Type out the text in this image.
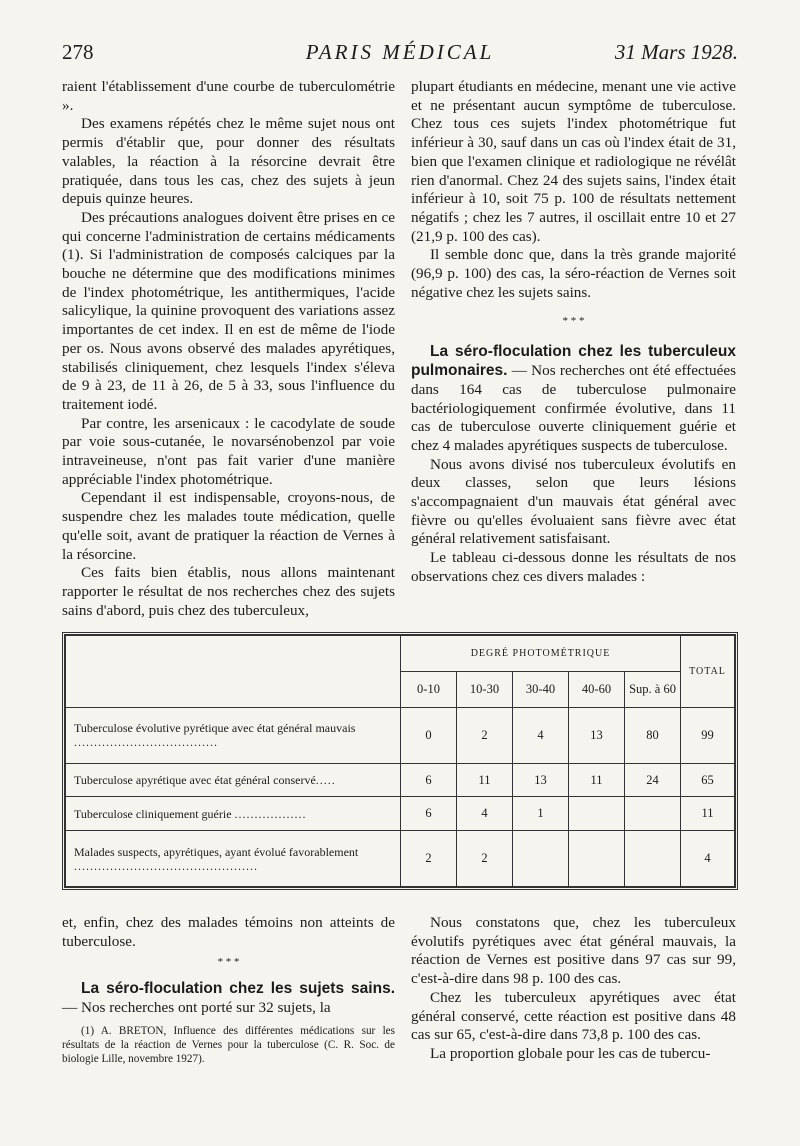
278	PARIS MÉDICAL	31 Mars 1928.

raient l'établissement d'une courbe de tuberculométrie ».

Des examens répétés chez le même sujet nous ont permis d'établir que, pour donner des résultats valables, la réaction à la résorcine devrait être pratiquée, dans tous les cas, chez des sujets à jeun depuis quinze heures.

Des précautions analogues doivent être prises en ce qui concerne l'administration de certains médicaments (1). Si l'administration de composés calciques par la bouche ne détermine que des modifications minimes de l'index photométrique, les antithermiques, l'acide salicylique, la quinine provoquent des variations assez importantes de cet index. Il en est de même de l'iode per os. Nous avons observé des malades apyrétiques, stabilisés cliniquement, chez lesquels l'index s'éleva de 9 à 23, de 11 à 26, de 5 à 33, sous l'influence du traitement iodé.

Par contre, les arsenicaux : le cacodylate de soude par voie sous-cutanée, le novarsénobenzol par voie intraveineuse, n'ont pas fait varier d'une manière appréciable l'index photométrique.

Cependant il est indispensable, croyons-nous, de suspendre chez les malades toute médication, quelle qu'elle soit, avant de pratiquer la réaction de Vernes à la résorcine.

Ces faits bien établis, nous allons maintenant rapporter le résultat de nos recherches chez des sujets sains d'abord, puis chez des tuberculeux,

plupart étudiants en médecine, menant une vie active et ne présentant aucun symptôme de tuberculose. Chez tous ces sujets l'index photométrique fut inférieur à 30, sauf dans un cas où l'index était de 31, bien que l'examen clinique et radiologique ne révélât rien d'anormal. Chez 24 des sujets sains, l'index était inférieur à 10, soit 75 p. 100 de résultats nettement négatifs ; chez les 7 autres, il oscillait entre 10 et 27 (21,9 p. 100 des cas).

Il semble donc que, dans la très grande majorité (96,9 p. 100) des cas, la séro-réaction de Vernes soit négative chez les sujets sains.

* * *

La séro-floculation chez les tuberculeux pulmonaires. — Nos recherches ont été effectuées dans 164 cas de tuberculose pulmonaire bactériologiquement confirmée évolutive, dans 11 cas de tuberculose ouverte cliniquement guérie et chez 4 malades apyrétiques suspects de tuberculose.

Nous avons divisé nos tuberculeux évolutifs en deux classes, selon que leurs lésions s'accompagnaient d'un mauvais état général avec fièvre ou qu'elles évoluaient sans fièvre avec état général relativement satisfaisant.

Le tableau ci-dessous donne les résultats de nos observations chez ces divers malades :

	DEGRÉ PHOTOMÉTRIQUE					TOTAL
	0-10	10-30	30-40	40-60	Sup. à 60	
Tuberculose évolutive pyrétique avec état général mauvais ....................................	0	2	4	13	80	99
Tuberculose apyrétique avec état général conservé.....	6	11	13	11	24	65
Tuberculose cliniquement guérie ..................	6	4	1			11
Malades suspects, apyrétiques, ayant évolué favorablement ..............................................	2	2				4

et, enfin, chez des malades témoins non atteints de tuberculose.

* * *

La séro-floculation chez les sujets sains. — Nos recherches ont porté sur 32 sujets, la

(1) A. BRETON, Influence des différentes médications sur les résultats de la réaction de Vernes pour la tuberculose (C. R. Soc. de biologie Lille, novembre 1927).

Nous constatons que, chez les tuberculeux évolutifs pyrétiques avec état général mauvais, la réaction de Vernes est positive dans 97 cas sur 99, c'est-à-dire dans 98 p. 100 des cas.

Chez les tuberculeux apyrétiques avec état général conservé, cette réaction est positive dans 48 cas sur 65, c'est-à-dire dans 73,8 p. 100 des cas.

La proportion globale pour les cas de tubercu-
